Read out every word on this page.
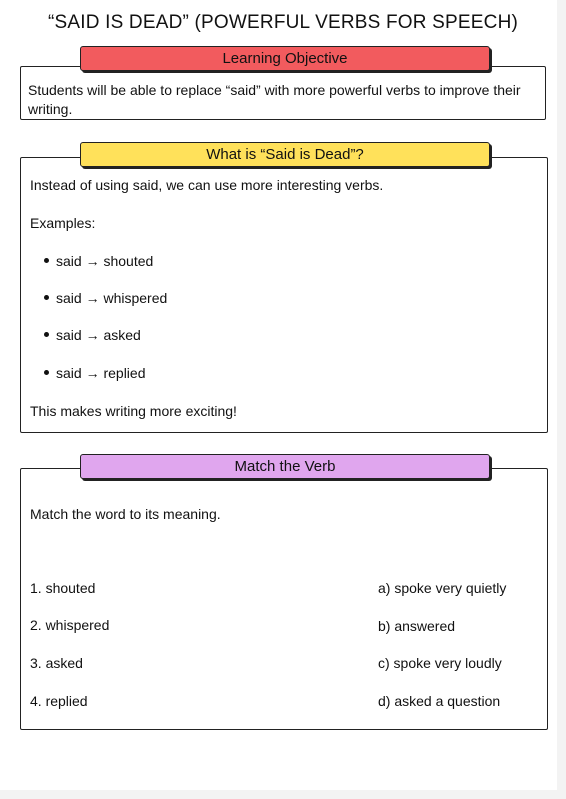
“SAID IS DEAD” (POWERFUL VERBS FOR SPEECH)
Learning Objective
Students will be able to replace “said” with more powerful verbs to improve their writing.
What is “Said is Dead”?
Instead of using said, we can use more interesting verbs.
Examples:
said → shouted
said → whispered
said → asked
said → replied
This makes writing more exciting!
Match the Verb
Match the word to its meaning.
1. shouted
2. whispered
3. asked
4. replied
a) spoke very quietly
b) answered
c) spoke very loudly
d) asked a question
